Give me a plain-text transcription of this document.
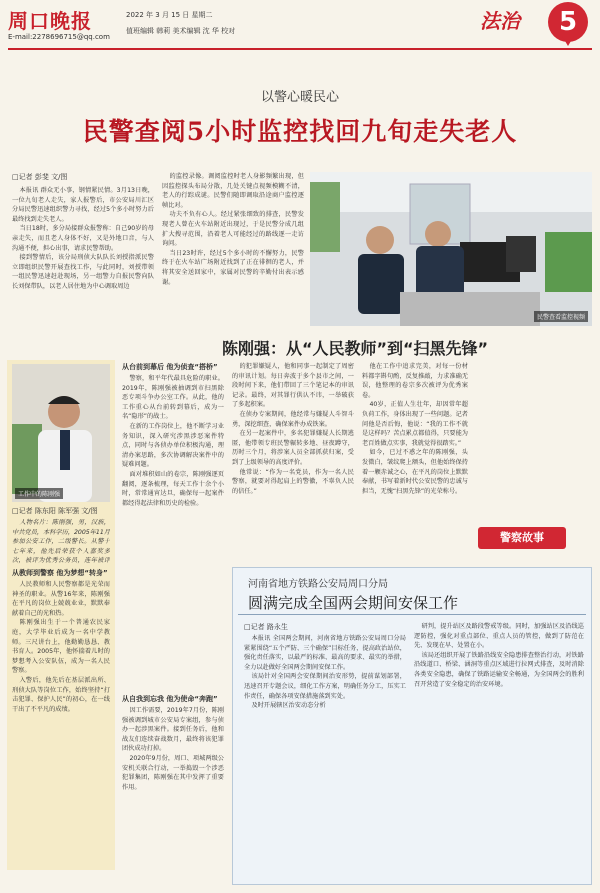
周口晚报
E-mail:2278696715@qq.com
2022 年 3 月 15 日 星期二
值班编辑 韩莉 美术编辑 沈 华 校对	法治	5
以警心暖民心
民警查阅5小时监控找回九旬走失老人
□记者 彭斐 文/图

本报讯 群众无小事，钢情紧民情。3月13日晚，一位九旬老人走失，家人报警后，市公安局川汇区分局民警迅速组织警力寻找，经过5个多小时努力后最终找到走失老人。

当日18时，多分局接群众报警称：自己90岁的母亲走失，而且老人身体不好，又是外地口音，与人沟通不便，担心出事，请求民警帮助。

接到警情后，该分局刑侦大队队长刘授指派民警立即组织民警开展查找工作，与此同时，刘授带领一组民警迅速赶赴现场，另一组警力自报民警向队长刘保带队，以老人居住地为中心调取周边

的监控录像。调阅监控时老人身影频繁出现，但因监控探头布局分散，几处关键点视频模糊不清，老人的行踪成谜。民警们随即调取沿途商户监控逐帧比对。

功夫不负有心人。经过紧张细致的排查，民警发现老人曾在火车站附近出现过，于是民警分成几组扩大搜寻范围，沿着老人可能经过的路线逐一走访询问。

当日23时许，经过5个多小时的不懈努力，民警终于在火车站广场附近找到了正在徘徊的老人，并将其安全送回家中，家属对民警的辛勤付出表示感谢。

民警查看监控视频
陈刚强：从“人民教师”到“扫黑先锋”
工作中的陈刚强
□记者 陈东阳 陈军强 文/图

人物名片：陈刚强，男，汉族，中共党员，本科学历，2005年11月参加公安工作，二级警长。从警十七年来，他先后荣获个人嘉奖多次，被评为优秀公务员，连年被评

从教师到警察 他为梦想“转身”

人民教师和人民警察都是光荣而神圣的职业。从警16年来，陈刚强在平凡的岗位上兢兢业业，默默奉献着自己的光和热。

陈刚强出生于一个普通农民家庭，大学毕业后成为一名中学教师。三尺讲台上，他勤勤恳恳、教书育人。2005年，他怀揣着儿时的梦想考入公安队伍，成为一名人民警察。

入警后，他先后在基层派出所、刑侦大队等岗位工作，始终坚持“打击犯罪、保护人民”的初心，在一线干出了不平凡的成绩。

从台前到幕后 他为侦查“搭桥”

警察，和平年代最具危险的职业。2019年，陈刚强被抽调到市扫黑除恶专项斗争办公室工作。从此，他的工作重心从台前转到幕后，成为一名“隐形”的战士。

在新的工作岗位上，他不断学习业务知识，深入研究涉黑涉恶案件特点，同时与各侦办单位积极沟通，理清办案思路，多次协调解决案件中的疑难问题。

面对堆积如山的卷宗，陈刚强逐页翻阅，逐条梳理，每天工作十余个小时，常常通宵达旦，确保每一起案件都经得起法律和历史的检验。

从自我到忘我 他为使命“奔跑”

因工作需要，2019年7月份，陈刚强被调到城市公安局专案组，参与侦办一起涉黑案件。接到任务后，他和战友们连续奋战数月，最终将该犯罪团伙成功打掉。

2020年9月份，周口、项城两级公安机关联合行动，一举捣毁一个涉恶犯罪集团，陈刚强在其中发挥了重要作用。

的犯罪嫌疑人，他和同事一起制定了周密的审讯计划。每日奔波于多个县市之间，一段时间下来，他们带回了三个笔记本的审讯记录。最终，对其罪行供认不讳，一举破获了多起积案。

在侦办专案期间，他经常与嫌疑人斗智斗勇，深挖细查，确保案件办成铁案。

在另一起案件中，多名犯罪嫌疑人长期逃匿，他带领专班民警辗转多地、昼夜蹲守，历时三个月，将涉案人员全部抓获归案，受到了上级领导的高度评价。

他常说：“作为一名党员，作为一名人民警察，就要对得起肩上的警徽，不辜负人民的信任。”

他在工作中追求完美，对每一份材料都字斟句酌，反复推敲，力求准确无误，他整理的卷宗多次被评为优秀案卷。

40岁，正值人生壮年，却因常年超负荷工作，身体出现了一些问题。记者问他是否后悔，他说：“我的工作不就是这样吗？苦点累点都值得，只要能为老百姓做点实事，我就觉得很踏实。”

如今，已过不惑之年的陈刚强，头发微白，皱纹爬上额头，但他始终保持着一颗赤诚之心，在平凡的岗位上默默奉献，书写着新时代公安民警的忠诚与担当，无愧“扫黑先锋”的光荣称号。

警察故事
河南省地方铁路公安局周口分局
圆满完成全国两会期间安保工作
□记者 路永生

本报讯 全国两会期间，河南省地方铁路公安局周口分局紧紧围绕“五个严防、三个确保”目标任务，提高政治站位，强化责任落实，以最严的标准、最高的要求、最实的举措，全力以赴做好全国两会期间安保工作。

该局针对全国两会安保期间治安形势，提前谋划部署，迅速召开专题会议，细化工作方案，明确任务分工，压实工作责任，确保各项安保措施落到实处。

及时开展辖区治安动态分析

研判，提升站区及路段警戒等级。同时，加强站区及沿线巡逻防控，强化对重点部位、重点人员的管控，做到了防范在先、发现在早、处置在小。

该局还组织开展了铁路沿线安全隐患排查整治行动，对铁路沿线道口、桥梁、涵洞等重点区域进行拉网式排查，及时消除各类安全隐患，确保了铁路运输安全畅通，为全国两会的胜利召开营造了安全稳定的治安环境。
